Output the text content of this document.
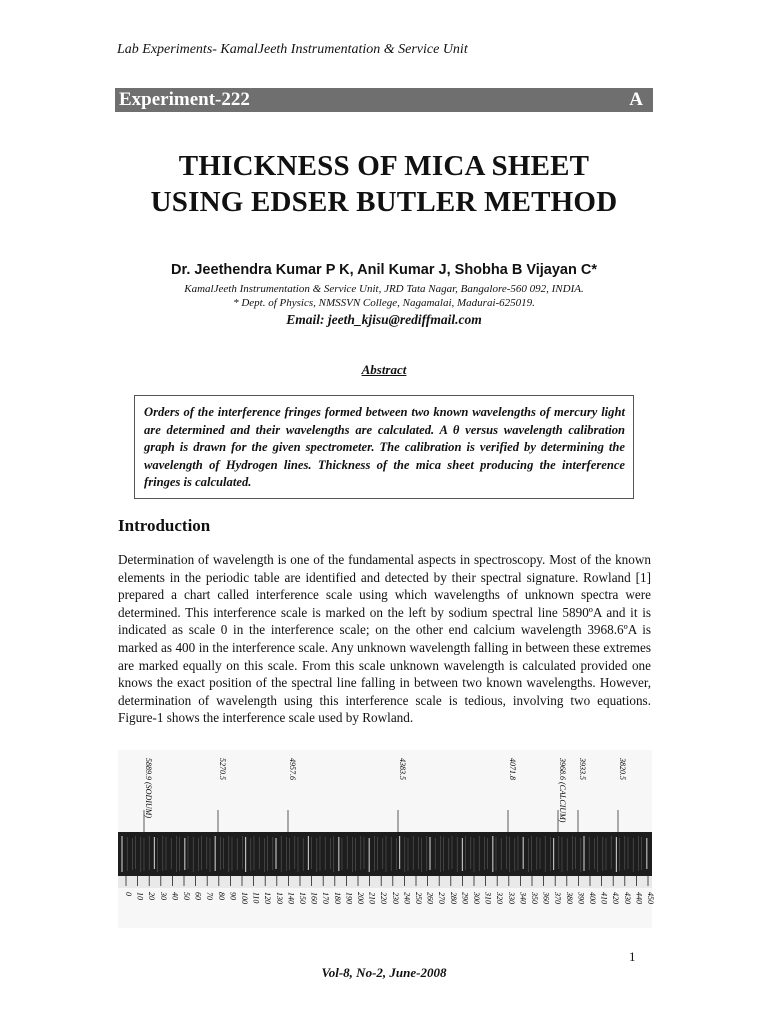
Lab Experiments- KamalJeeth Instrumentation & Service Unit
Experiment-222	A
THICKNESS OF MICA SHEET
USING EDSER BUTLER METHOD
Dr. Jeethendra Kumar P K, Anil Kumar J, Shobha B Vijayan C*
KamalJeeth Instrumentation & Service Unit, JRD Tata Nagar, Bangalore-560 092, INDIA.
* Dept. of Physics, NMSSVN College, Nagamalai, Madurai-625019.
Email: jeeth_kjisu@rediffmail.com
Abstract
Orders of the interference fringes formed between two known wavelengths of mercury light are determined and their wavelengths are calculated. A θ versus wavelength calibration graph is drawn for the given spectrometer. The calibration is verified by determining the wavelength of Hydrogen lines. Thickness of the mica sheet producing the interference fringes is calculated.
Introduction
Determination of wavelength is one of the fundamental aspects in spectroscopy. Most of the known elements in the periodic table are identified and detected by their spectral signature. Rowland [1] prepared a chart called interference scale using which wavelengths of unknown spectra were determined. This interference scale is marked on the left by sodium spectral line 5890ºA and it is indicated as scale 0 in the interference scale; on the other end calcium wavelength 3968.6ºA is marked as 400 in the interference scale. Any unknown wavelength falling in between these extremes are marked equally on this scale. From this scale unknown wavelength is calculated provided one knows the exact position of the spectral line falling in between two known wavelengths. However, determination of wavelength using this interference scale is tedious, involving two equations. Figure-1 shows the interference scale used by Rowland.
5889.9 (SODIUM)	5270.5	4957.6	4383.5	4071.8	3968.6 (CALCIUM) 3933.5	3820.5
0 10 20 30 40 50 60 70 80 90 100 110 120 130 140 150 160 170 180 190 200 210 220 230 240 250 260 270 280 290 300 310 320 330 340 350 360 370 380 390 400 410 420 430 440 450
1
Vol-8, No-2, June-2008
